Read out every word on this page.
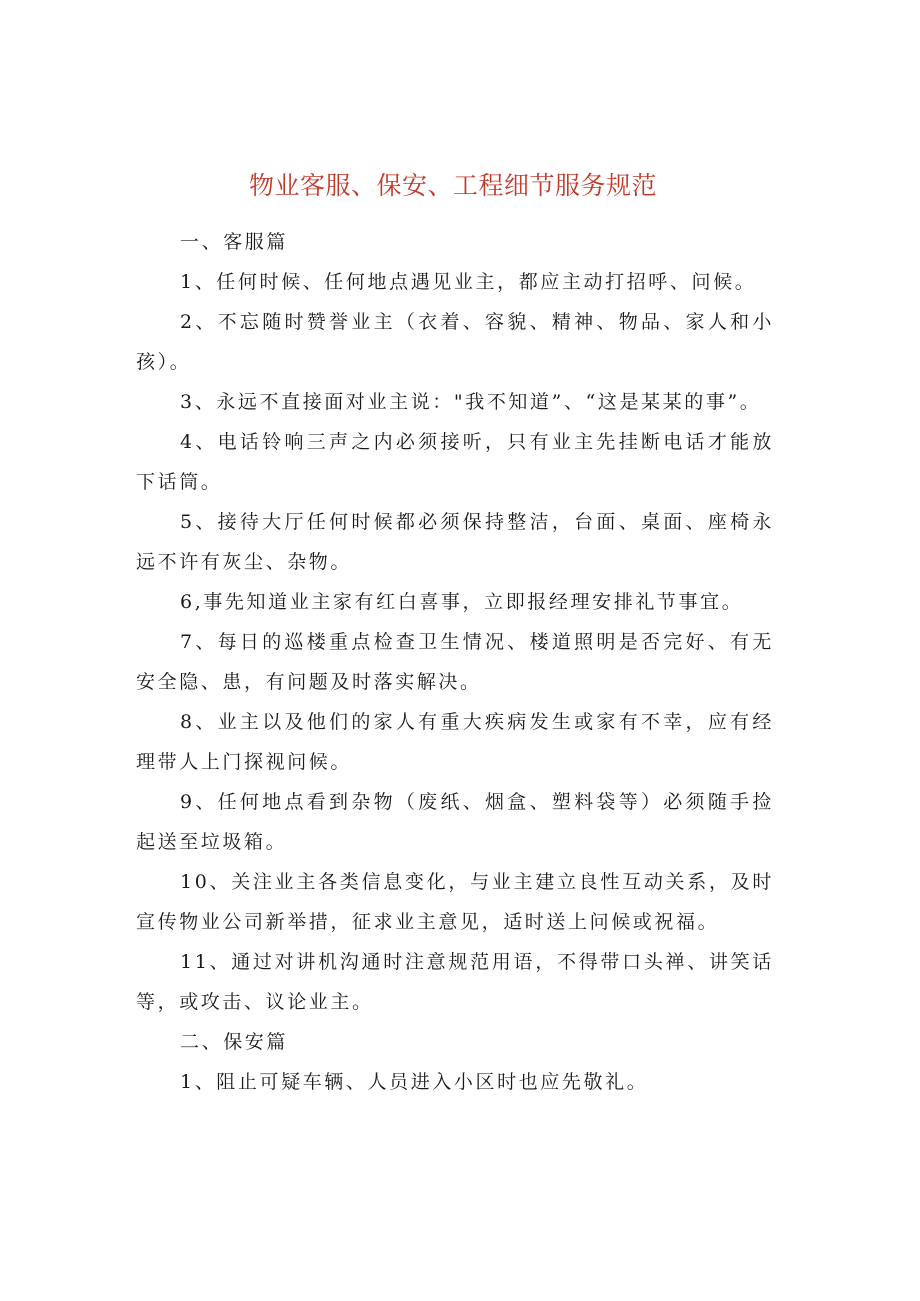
物业客服、保安、工程细节服务规范
一、客服篇

1、任何时候、任何地点遇见业主，都应主动打招呼、问候。

2、不忘随时赞誉业主（衣着、容貌、精神、物品、家人和小孩）。

3、永远不直接面对业主说："我不知道”、“这是某某的事”。

4、电话铃响三声之内必须接听，只有业主先挂断电话才能放下话筒。

5、接待大厅任何时候都必须保持整洁，台面、桌面、座椅永远不许有灰尘、杂物。

6,事先知道业主家有红白喜事，立即报经理安排礼节事宜。

7、每日的巡楼重点检查卫生情况、楼道照明是否完好、有无安全隐、患，有问题及时落实解决。

8、业主以及他们的家人有重大疾病发生或家有不幸，应有经理带人上门探视问候。

9、任何地点看到杂物（废纸、烟盒、塑料袋等）必须随手捡起送至垃圾箱。

10、关注业主各类信息变化，与业主建立良性互动关系，及时宣传物业公司新举措，征求业主意见，适时送上问候或祝福。

11、通过对讲机沟通时注意规范用语，不得带口头禅、讲笑话等，或攻击、议论业主。

二、保安篇

1、阻止可疑车辆、人员进入小区时也应先敬礼。
